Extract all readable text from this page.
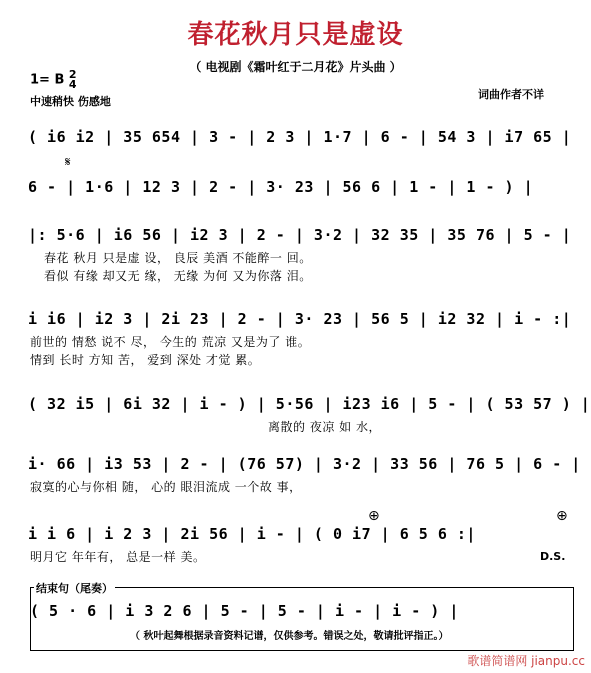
春花秋月只是虚设
（ 电视剧《霜叶红于二月花》片头曲 ）
1= B 2
4
中速稍快 伤感地
词曲作者不详
( i6 i2 | 35 654 | 3 - | 2 3 | 1·7 | 6 - | 54 3 | i7 65 |
𝄋
6 - | 1·6 | 12 3 | 2 - | 3· 23 | 56 6 | 1 - | 1 - ) |
|: 5·6 | i6 56 | i2 3 | 2 - | 3·2 | 32 35 | 35 76 | 5 - |
春花 秋月 只是虚 设， 良辰 美酒 不能醉一 回。
看似 有缘 却又无 缘， 无缘 为何 又为你落 泪。
i i6 | i2 3 | 2i 23 | 2 - | 3· 23 | 56 5 | i2 32 | i - :|
前世的 情愁 说不 尽， 今生的 荒凉 又是为了 谁。
情到 长时 方知 苦， 爱到 深处 才觉 累。
( 32 i5 | 6i 32 | i - ) | 5·56 | i23 i6 | 5 - | ( 53 57 ) |
离散的 夜凉 如 水，
i· 66 | i3 53 | 2 - | (76 57) | 3·2 | 33 56 | 76 5 | 6 - |
寂寞的心与你相 随， 心的 眼泪流成 一个故 事，
⊕	⊕
i i 6 | i 2 3 | 2i 56 | i - | ( 0 i7 | 6 5 6 :|
明月它 年年有， 总是一样 美。	D.S.
结束句（尾奏）
( 5 · 6 | i 3 2 6 | 5 - | 5 - | i - | i - ) |
（ 秋叶起舞根据录音资料记谱，仅供参考。错误之处，敬请批评指正。）
歌谱简谱网 jianpu.cc
